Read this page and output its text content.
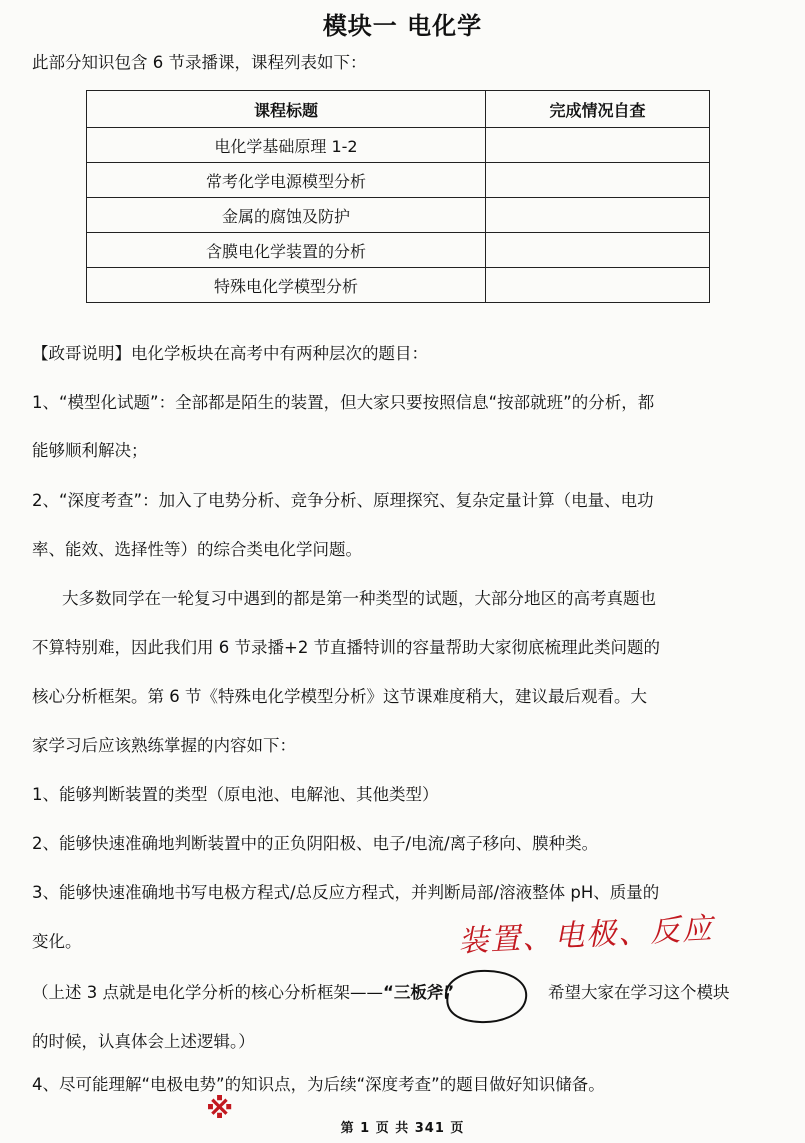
模块一 电化学
此部分知识包含 6 节录播课，课程列表如下：
课程标题	完成情况自查
电化学基础原理 1-2	
常考化学电源模型分析	
金属的腐蚀及防护	
含膜电化学装置的分析	
特殊电化学模型分析	
【政哥说明】电化学板块在高考中有两种层次的题目：
1、“模型化试题”：全部都是陌生的装置，但大家只要按照信息“按部就班”的分析，都
能够顺利解决；
2、“深度考查”：加入了电势分析、竞争分析、原理探究、复杂定量计算（电量、电功
率、能效、选择性等）的综合类电化学问题。
大多数同学在一轮复习中遇到的都是第一种类型的试题，大部分地区的高考真题也
不算特别难，因此我们用 6 节录播+2 节直播特训的容量帮助大家彻底梳理此类问题的
核心分析框架。第 6 节《特殊电化学模型分析》这节课难度稍大，建议最后观看。大
家学习后应该熟练掌握的内容如下：
1、能够判断装置的类型（原电池、电解池、其他类型）
2、能够快速准确地判断装置中的正负阴阳极、电子/电流/离子移向、膜种类。
3、能够快速准确地书写电极方程式/总反应方程式，并判断局部/溶液整体 pH、质量的
变化。	装置、电极、反应
（上述 3 点就是电化学分析的核心分析框架——“三板斧”	希望大家在学习这个模块
的时候，认真体会上述逻辑。）
4、尽可能理解“电极电势”的知识点，为后续“深度考查”的题目做好知识储备。
※
第 1 页 共 341 页
